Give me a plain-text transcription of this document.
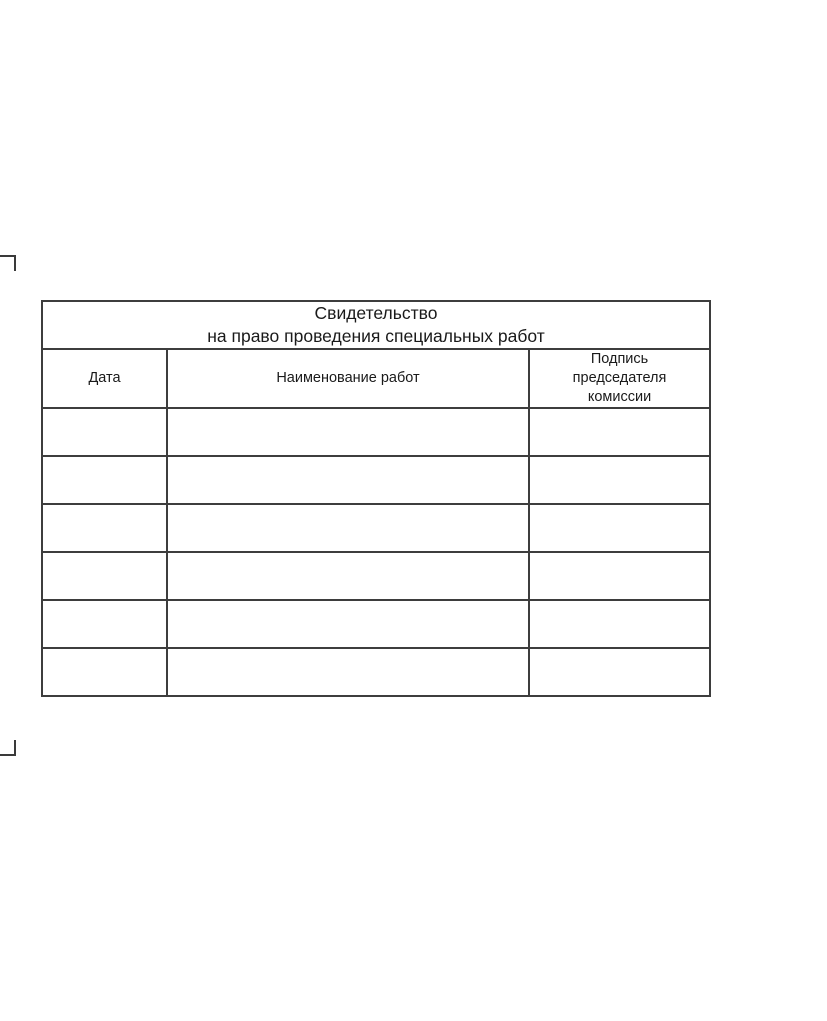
Свидетельство
на право проведения специальных работ		

Дата	Наименование работ	Подпись
председателя
комиссии
